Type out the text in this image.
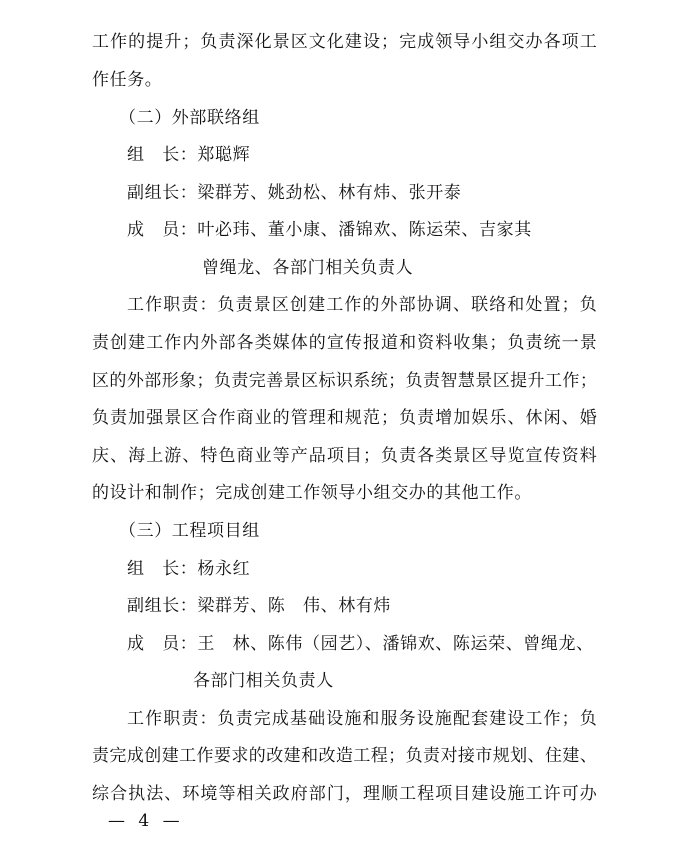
工 作 的 提 升 ； 负 责 深 化 景 区 文 化 建 设 ； 完 成 领 导 小 组 交 办 各 项 工
作任务。
（二）外部联络组
组　长：郑聪辉
副组长：梁群芳、姚劲松、林有炜、张开泰
成　员：叶必玮、董小康、潘锦欢、陈运荣、吉家其
曾绳龙、各部门相关负责人
工 作 职 责 ： 负 责 景 区 创 建 工 作 的 外 部 协 调 、 联 络 和 处 置 ； 负
责 创 建 工 作 内 外 部 各 类 媒 体 的 宣 传 报 道 和 资 料 收 集 ； 负 责 统 一 景
区 的 外 部 形 象 ； 负 责 完 善 景 区 标 识 系 统 ； 负 责 智 慧 景 区 提 升 工 作 ；
负 责 加 强 景 区 合 作 商 业 的 管 理 和 规 范 ； 负 责 增 加 娱 乐 、 休 闲 、 婚
庆 、 海 上 游 、 特 色 商 业 等 产 品 项 目 ； 负 责 各 类 景 区 导 览 宣 传 资 料
的设计和制作；完成创建工作领导小组交办的其他工作。
（三）工程项目组
组　长：杨永红
副组长：梁群芳、陈　伟、林有炜
成　员：王　林、陈伟（园艺）、潘锦欢、陈运荣、曾绳龙、
各部门相关负责人
工 作 职 责 ： 负 责 完 成 基 础 设 施 和 服 务 设 施 配 套 建 设 工 作 ； 负
责 完 成 创 建 工 作 要 求 的 改 建 和 改 造 工 程 ； 负 责 对 接 市 规 划 、 住 建 、
综 合 执 法 、 环 境 等 相 关 政 府 部 门 ， 理 顺 工 程 项 目 建 设 施 工 许 可 办
— 4 —
